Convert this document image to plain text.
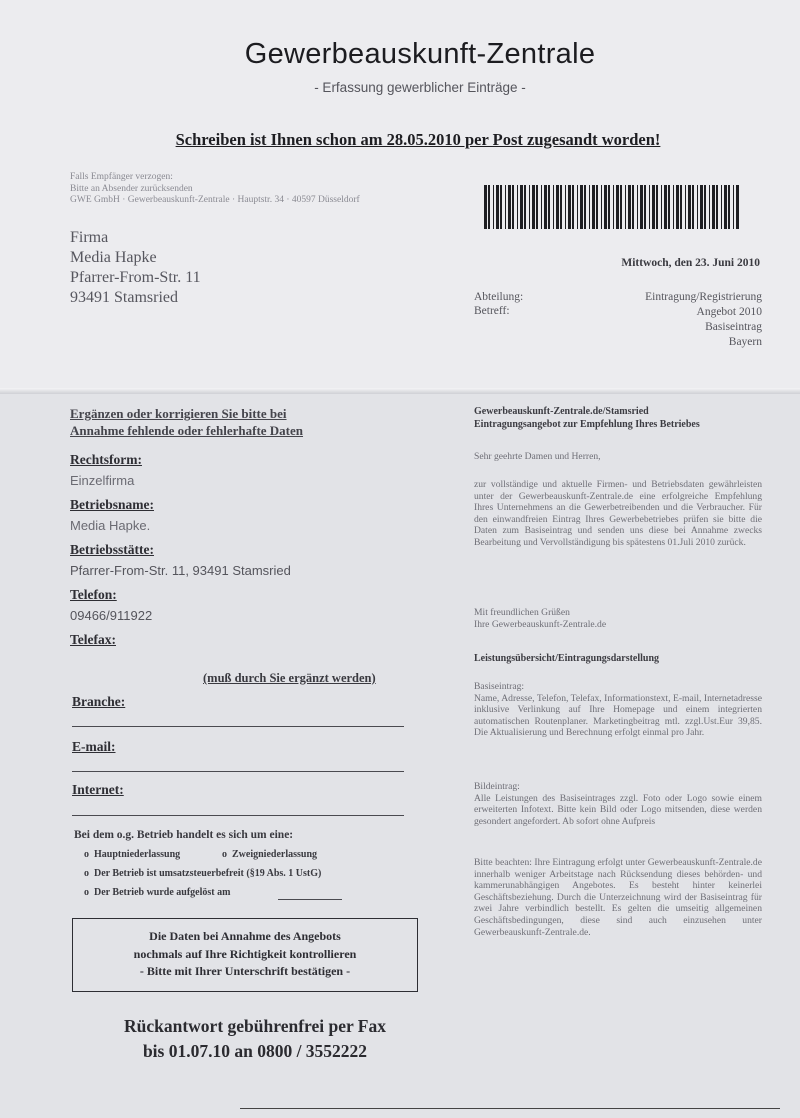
Gewerbeauskunft-Zentrale
- Erfassung gewerblicher Einträge -
Schreiben ist Ihnen schon am 28.05.2010 per Post zugesandt worden!
Falls Empfänger verzogen:
Bitte an Absender zurücksenden
GWE GmbH · Gewerbeauskunft-Zentrale · Hauptstr. 34 · 40597 Düsseldorf
Firma
Media Hapke
Pfarrer-From-Str. 11
93491 Stamsried
Mittwoch, den 23. Juni 2010
Abteilung:
Betreff:
Eintragung/Registrierung
Angebot 2010
Basiseintrag
Bayern
Ergänzen oder korrigieren Sie bitte bei
Annahme fehlende oder fehlerhafte Daten
Rechtsform:
Einzelfirma
Betriebsname:
Media Hapke.
Betriebsstätte:
Pfarrer-From-Str. 11, 93491 Stamsried
Telefon:
09466/911922
Telefax:
(muß durch Sie ergänzt werden)
Branche:
E-mail:
Internet:
Bei dem o.g. Betrieb handelt es sich um eine:
o  Hauptniederlassung	o  Zweigniederlassung
o  Der Betrieb ist umsatzsteuerbefreit (§19 Abs. 1 UstG)
o  Der Betrieb wurde aufgelöst am
Die Daten bei Annahme des Angebots
nochmals auf Ihre Richtigkeit kontrollieren
- Bitte mit Ihrer Unterschrift bestätigen -
Rückantwort gebührenfrei per Fax
bis 01.07.10 an 0800 / 3552222
Gewerbeauskunft-Zentrale.de/Stamsried
Eintragungsangebot zur Empfehlung Ihres Betriebes
Sehr geehrte Damen und Herren,
zur vollständige und aktuelle Firmen- und Betriebsdaten gewährleisten unter der Gewerbeauskunft-Zentrale.de eine erfolgreiche Empfehlung Ihres Unternehmens an die Gewerbetreibenden und die Verbraucher. Für den einwandfreien Eintrag Ihres Gewerbebetriebes prüfen sie bitte die Daten zum Basiseintrag und senden uns diese bei Annahme zwecks Bearbeitung und Vervollständigung bis spätestens 01.Juli 2010 zurück.
Mit freundlichen Grüßen
Ihre Gewerbeauskunft-Zentrale.de
Leistungsübersicht/Eintragungsdarstellung
Basiseintrag:
Name, Adresse, Telefon, Telefax, Informationstext, E-mail, Internetadresse inklusive Verlinkung auf Ihre Homepage und einem integrierten automatischen Routenplaner. Marketingbeitrag mtl. zzgl.Ust.Eur 39,85. Die Aktualisierung und Berechnung erfolgt einmal pro Jahr.
Bildeintrag:
Alle Leistungen des Basiseintrages zzgl. Foto oder Logo sowie einem erweiterten Infotext. Bitte kein Bild oder Logo mitsenden, diese werden gesondert angefordert. Ab sofort ohne Aufpreis
Bitte beachten: Ihre Eintragung erfolgt unter Gewerbeauskunft-Zentrale.de innerhalb weniger Arbeitstage nach Rücksendung dieses behörden- und kammerunabhängigen Angebotes. Es besteht hinter keinerlei Geschäftsbeziehung. Durch die Unterzeichnung wird der Basiseintrag für zwei Jahre verbindlich bestellt. Es gelten die umseitig allgemeinen Geschäftsbedingungen, diese sind auch einzusehen unter Gewerbeauskunft-Zentrale.de.
